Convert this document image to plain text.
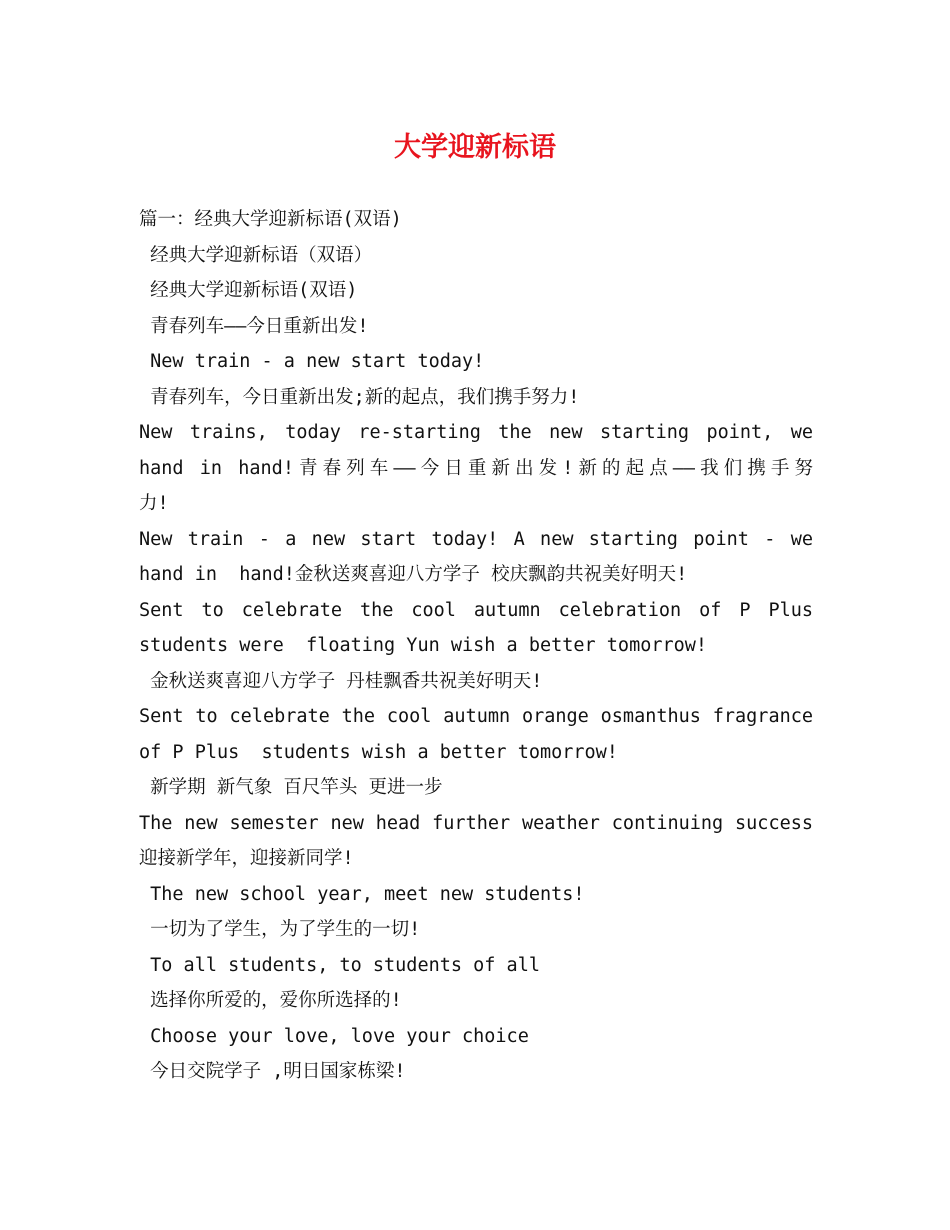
大学迎新标语

篇一：经典大学迎新标语(双语)

经典大学迎新标语（双语）

经典大学迎新标语(双语)

青春列车——今日重新出发!

New train - a new start today!

青春列车，今日重新出发;新的起点，我们携手努力!

New trains, today re-starting the new starting point, we

hand in hand!青春列车——今日重新出发!新的起点——我们携手努

力!

New train - a new start today! A new starting point - we

hand in  hand!金秋送爽喜迎八方学子 校庆飘韵共祝美好明天!

Sent to celebrate the cool autumn celebration of P Plus

students were  floating Yun wish a better tomorrow!

金秋送爽喜迎八方学子 丹桂飘香共祝美好明天!

Sent to celebrate the cool autumn orange osmanthus fragrance

of P Plus  students wish a better tomorrow!

新学期 新气象 百尺竿头 更进一步

The new semester new head further weather continuing success

迎接新学年，迎接新同学!

The new school year, meet new students!

一切为了学生，为了学生的一切!

To all students, to students of all

选择你所爱的，爱你所选择的!

Choose your love, love your choice

今日交院学子 ,明日国家栋梁!
